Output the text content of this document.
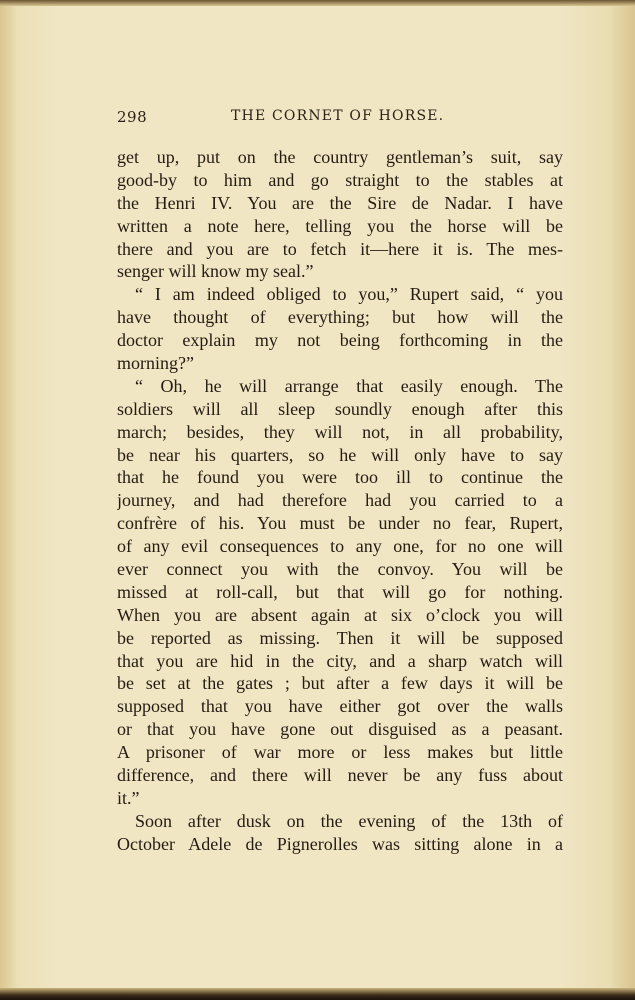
298	THE CORNET OF HORSE.
get up, put on the country gentleman’s suit, say
good-by to him and go straight to the stables at
the Henri IV. You are the Sire de Nadar. I have
written a note here, telling you the horse will be
there and you are to fetch it—here it is. The mes-
senger will know my seal.”
“ I am indeed obliged to you,” Rupert said, “ you
have thought of everything; but how will the
doctor explain my not being forthcoming in the
morning?”
“ Oh, he will arrange that easily enough. The
soldiers will all sleep soundly enough after this
march; besides, they will not, in all probability,
be near his quarters, so he will only have to say
that he found you were too ill to continue the
journey, and had therefore had you carried to a
confrère of his. You must be under no fear, Rupert,
of any evil consequences to any one, for no one will
ever connect you with the convoy. You will be
missed at roll-call, but that will go for nothing.
When you are absent again at six o’clock you will
be reported as missing. Then it will be supposed
that you are hid in the city, and a sharp watch will
be set at the gates ; but after a few days it will be
supposed that you have either got over the walls
or that you have gone out disguised as a peasant.
A prisoner of war more or less makes but little
difference, and there will never be any fuss about
it.”
Soon after dusk on the evening of the 13th of
October Adele de Pignerolles was sitting alone in a
